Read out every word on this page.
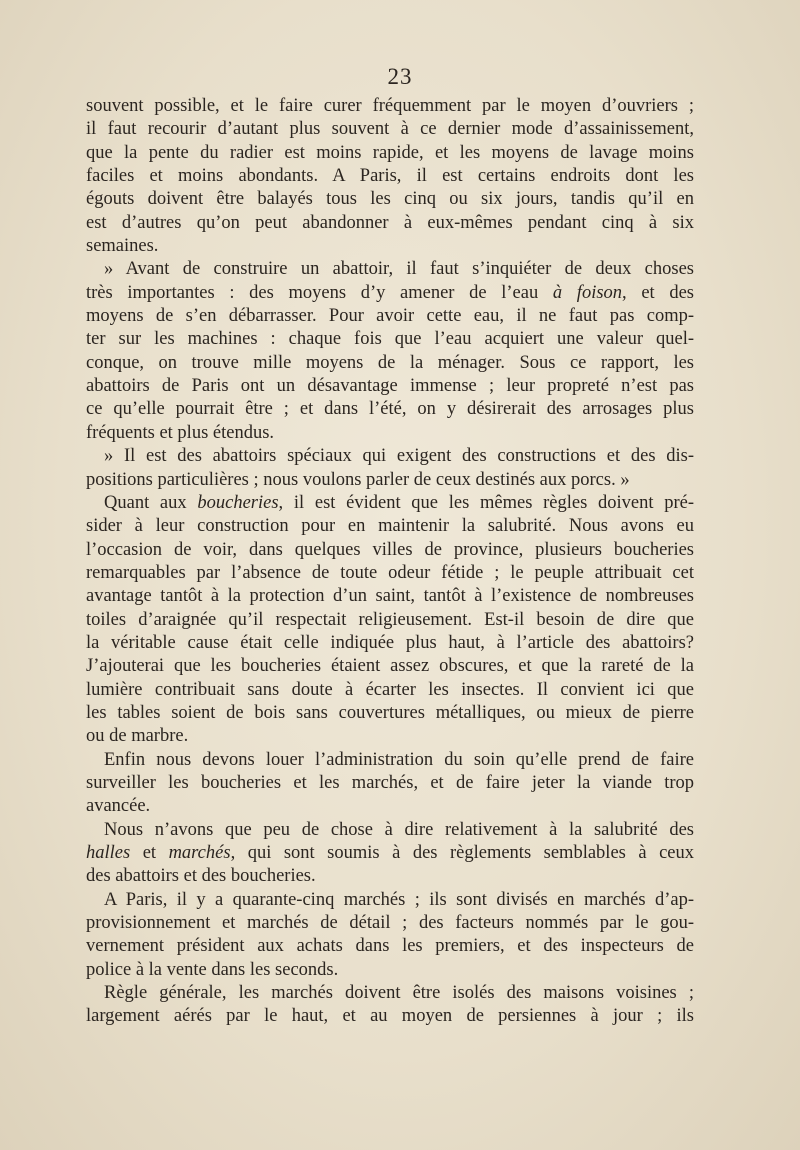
23
souvent possible, et le faire curer fréquemment par le moyen d’ouvriers ;
il faut recourir d’autant plus souvent à ce dernier mode d’assainissement,
que la pente du radier est moins rapide, et les moyens de lavage moins
faciles et moins abondants. A Paris, il est certains endroits dont les
égouts doivent être balayés tous les cinq ou six jours, tandis qu’il en
est d’autres qu’on peut abandonner à eux-mêmes pendant cinq à six
semaines.
» Avant de construire un abattoir, il faut s’inquiéter de deux choses
très importantes : des moyens d’y amener de l’eau à foison, et des
moyens de s’en débarrasser. Pour avoir cette eau, il ne faut pas comp-
ter sur les machines : chaque fois que l’eau acquiert une valeur quel-
conque, on trouve mille moyens de la ménager. Sous ce rapport, les
abattoirs de Paris ont un désavantage immense ; leur propreté n’est pas
ce qu’elle pourrait être ; et dans l’été, on y désirerait des arrosages plus
fréquents et plus étendus.
» Il est des abattoirs spéciaux qui exigent des constructions et des dis-
positions particulières ; nous voulons parler de ceux destinés aux porcs. »
Quant aux boucheries, il est évident que les mêmes règles doivent pré-
sider à leur construction pour en maintenir la salubrité. Nous avons eu
l’occasion de voir, dans quelques villes de province, plusieurs boucheries
remarquables par l’absence de toute odeur fétide ; le peuple attribuait cet
avantage tantôt à la protection d’un saint, tantôt à l’existence de nombreuses
toiles d’araignée qu’il respectait religieusement. Est-il besoin de dire que
la véritable cause était celle indiquée plus haut, à l’article des abattoirs?
J’ajouterai que les boucheries étaient assez obscures, et que la rareté de la
lumière contribuait sans doute à écarter les insectes. Il convient ici que
les tables soient de bois sans couvertures métalliques, ou mieux de pierre
ou de marbre.
Enfin nous devons louer l’administration du soin qu’elle prend de faire
surveiller les boucheries et les marchés, et de faire jeter la viande trop
avancée.
Nous n’avons que peu de chose à dire relativement à la salubrité des
halles et marchés, qui sont soumis à des règlements semblables à ceux
des abattoirs et des boucheries.
A Paris, il y a quarante-cinq marchés ; ils sont divisés en marchés d’ap-
provisionnement et marchés de détail ; des facteurs nommés par le gou-
vernement président aux achats dans les premiers, et des inspecteurs de
police à la vente dans les seconds.
Règle générale, les marchés doivent être isolés des maisons voisines ;
largement aérés par le haut, et au moyen de persiennes à jour ; ils
